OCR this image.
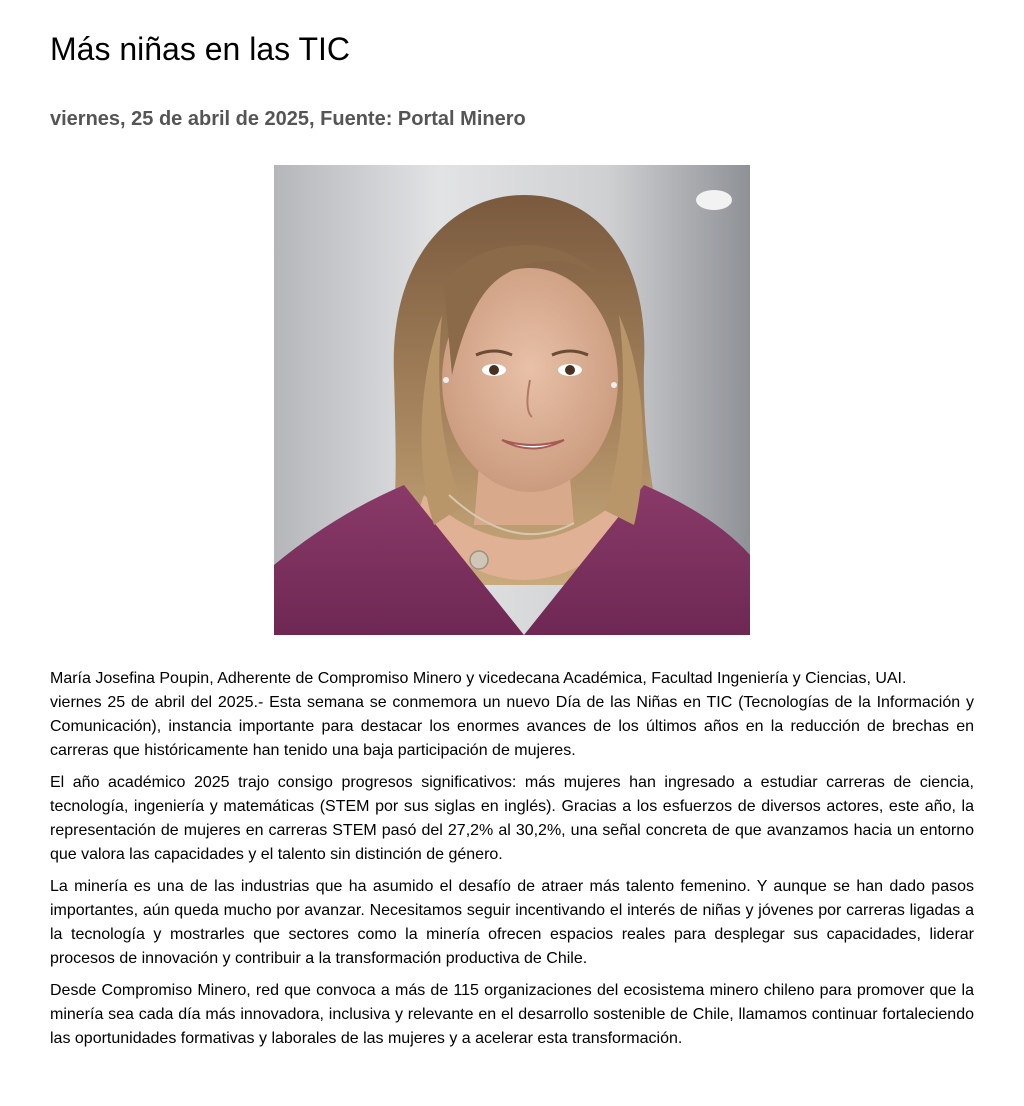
Más niñas en las TIC
viernes, 25 de abril de 2025, Fuente: Portal Minero

María Josefina Poupin, Adherente de Compromiso Minero y vicedecana Académica, Facultad Ingeniería y Ciencias, UAI.

viernes 25 de abril del 2025.- Esta semana se conmemora un nuevo Día de las Niñas en TIC (Tecnologías de la Información y Comunicación), instancia importante para destacar los enormes avances de los últimos años en la reducción de brechas en carreras que históricamente han tenido una baja participación de mujeres.

El año académico 2025 trajo consigo progresos significativos: más mujeres han ingresado a estudiar carreras de ciencia, tecnología, ingeniería y matemáticas (STEM por sus siglas en inglés). Gracias a los esfuerzos de diversos actores, este año, la representación de mujeres en carreras STEM pasó del 27,2% al 30,2%, una señal concreta de que avanzamos hacia un entorno que valora las capacidades y el talento sin distinción de género.

La minería es una de las industrias que ha asumido el desafío de atraer más talento femenino. Y aunque se han dado pasos importantes, aún queda mucho por avanzar. Necesitamos seguir incentivando el interés de niñas y jóvenes por carreras ligadas a la tecnología y mostrarles que sectores como la minería ofrecen espacios reales para desplegar sus capacidades, liderar procesos de innovación y contribuir a la transformación productiva de Chile.

Desde Compromiso Minero, red que convoca a más de 115 organizaciones del ecosistema minero chileno para promover que la minería sea cada día más innovadora, inclusiva y relevante en el desarrollo sostenible de Chile, llamamos continuar fortaleciendo las oportunidades formativas y laborales de las mujeres y a acelerar esta transformación.
